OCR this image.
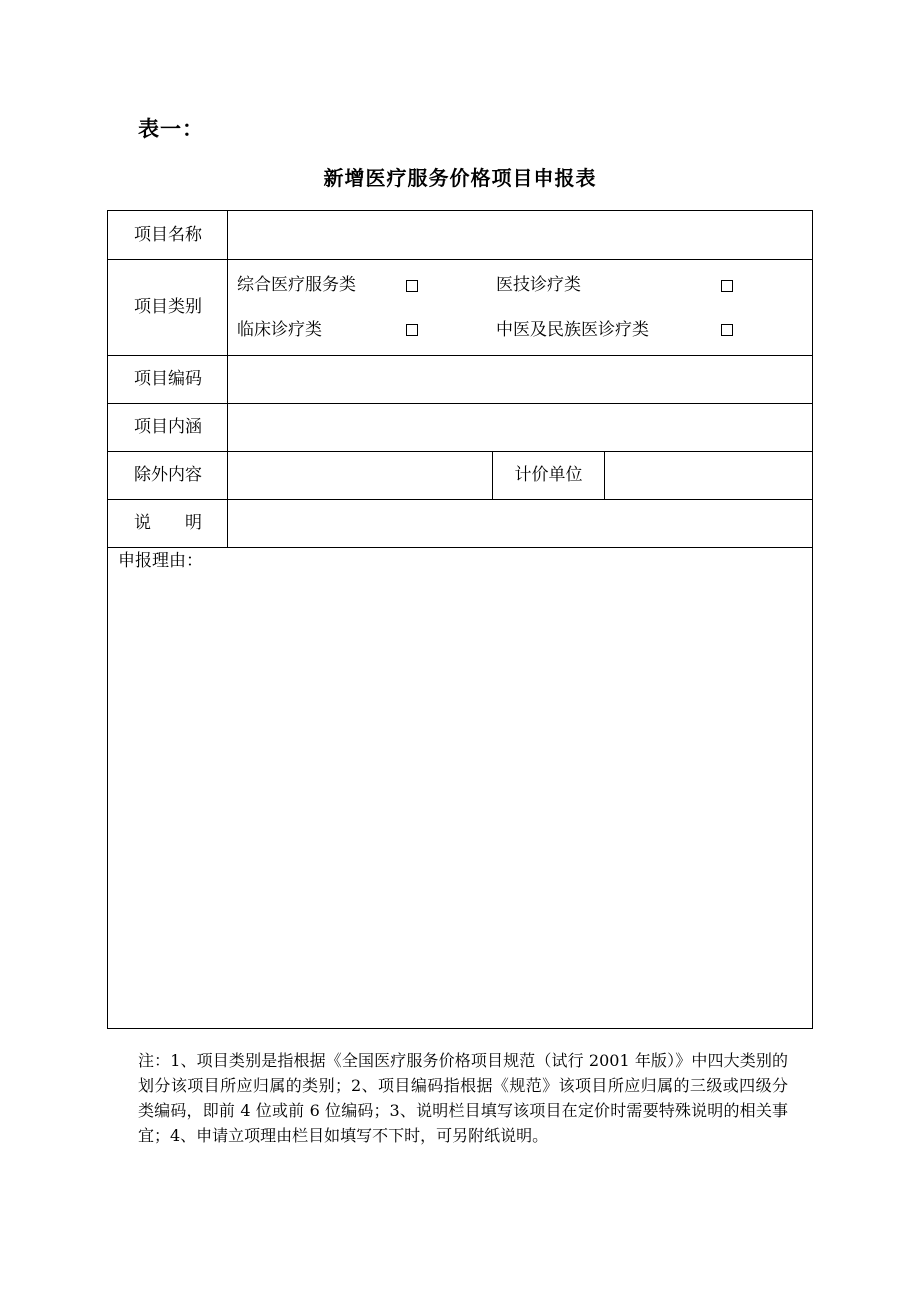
表一：
新增医疗服务价格项目申报表
项目名称
项目类别
综合医疗服务类	医技诊疗类
临床诊疗类	中医及民族医诊疗类
项目编码
项目内涵
除外内容	计价单位
说　　明
申报理由：
注：1、项目类别是指根据《全国医疗服务价格项目规范（试行 2001 年版）》中四大类别的划分该项目所应归属的类别；2、项目编码指根据《规范》该项目所应归属的三级或四级分类编码，即前 4 位或前 6 位编码；3、说明栏目填写该项目在定价时需要特殊说明的相关事宜；4、申请立项理由栏目如填写不下时，可另附纸说明。
